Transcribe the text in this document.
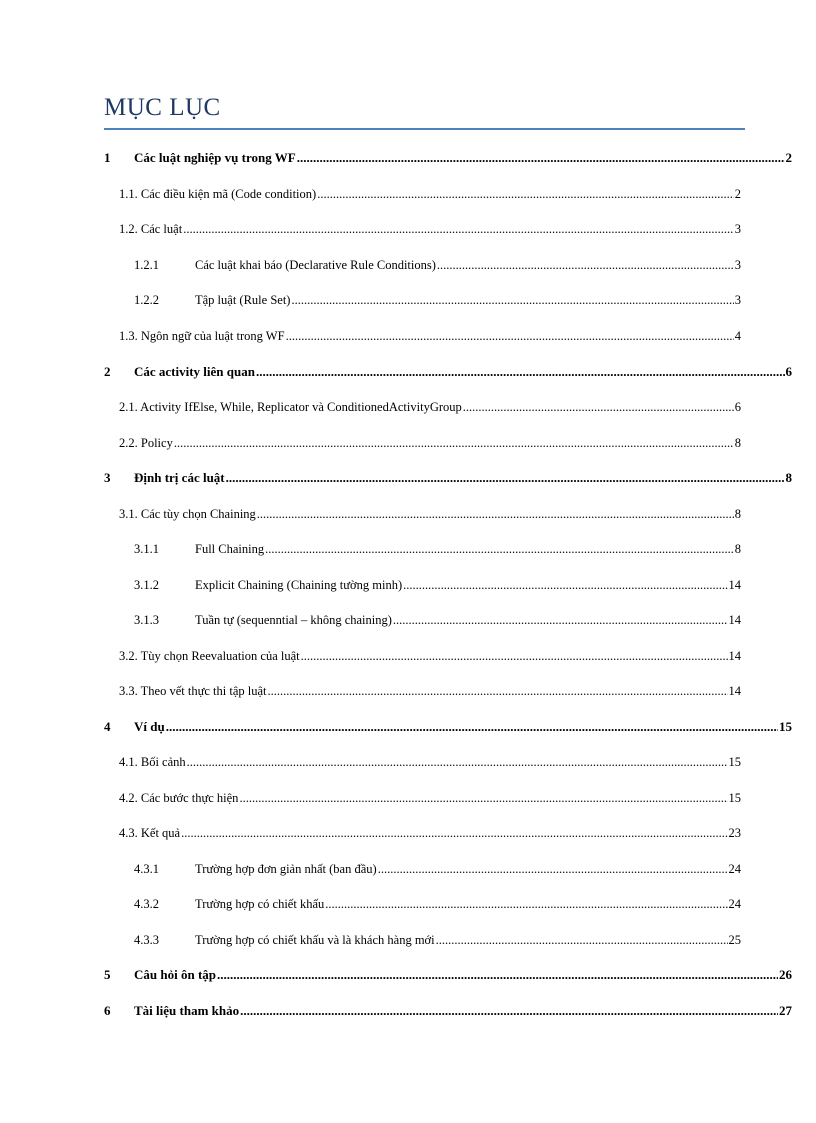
MỤC LỤC
1	Các luật nghiệp vụ trong WF .....	2
1.1. Các điều kiện mã (Code condition) .....	2
1.2. Các luật .....	3
1.2.1	Các luật khai báo (Declarative Rule Conditions) .....	3
1.2.2	Tập luật (Rule Set) .....	3
1.3. Ngôn ngữ của luật trong WF .....	4
2	Các activity liên quan .....	6
2.1. Activity IfElse, While, Replicator và ConditionedActivityGroup .....	6
2.2. Policy .....	8
3	Định trị các luật .....	8
3.1. Các tùy chọn Chaining .....	8
3.1.1	Full Chaining .....	8
3.1.2	Explicit Chaining (Chaining tường minh) .....	14
3.1.3	Tuần tự (sequenntial – không chaining) .....	14
3.2. Tùy chọn Reevaluation của luật .....	14
3.3. Theo vết thực thi tập luật .....	14
4	Ví dụ .....	15
4.1. Bối cảnh .....	15
4.2. Các bước thực hiện .....	15
4.3. Kết quả .....	23
4.3.1	Trường hợp đơn giản nhất (ban đầu) .....	24
4.3.2	Trường hợp có chiết khấu .....	24
4.3.3	Trường hợp có chiết khấu và là khách hàng mới .....	25
5	Câu hỏi ôn tập .....	26
6	Tài liệu tham khảo .....	27
